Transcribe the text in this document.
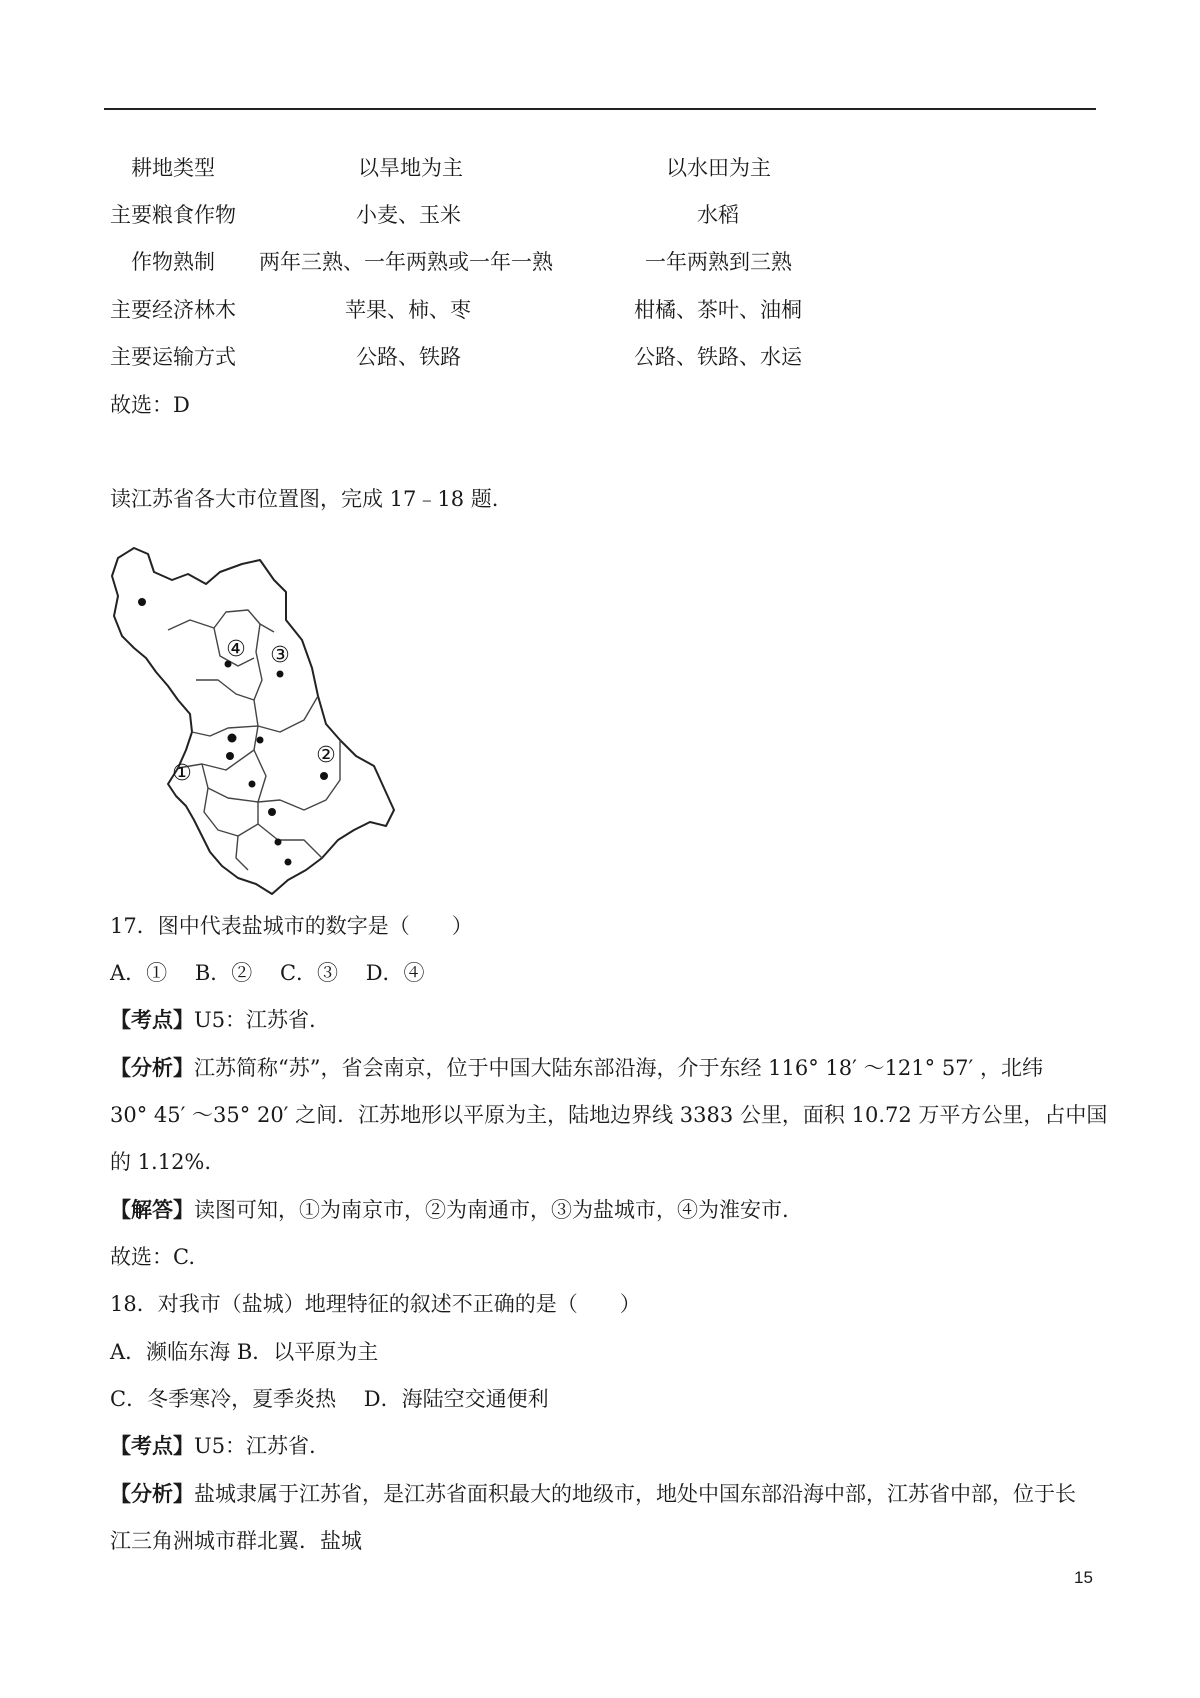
耕地类型	以旱地为主	以水田为主
主要粮食作物	小麦、玉米	水稻
作物熟制 两年三熟、一年两熟或一年一熟	一年两熟到三熟
主要经济林木	苹果、柿、枣	柑橘、茶叶、油桐
主要运输方式	公路、铁路	公路、铁路、水运
故选：D
读江苏省各大市位置图，完成 17﹣18 题.
④ ③
①
②
17．图中代表盐城市的数字是（　　）
A．①　 B．②　 C．③　 D．④
【考点】U5：江苏省.
【分析】江苏简称“苏”，省会南京，位于中国大陆东部沿海，介于东经 116° 18′ ～121° 57′ ，北纬
30° 45′ ～35° 20′ 之间．江苏地形以平原为主，陆地边界线 3383 公里，面积 10.72 万平方公里，占中国
的 1.12%.
【解答】读图可知，①为南京市，②为南通市，③为盐城市，④为淮安市.
故选：C.
18．对我市（盐城）地理特征的叙述不正确的是（　　）
A．濒临东海 B．以平原为主
C．冬季寒冷，夏季炎热　 D．海陆空交通便利
【考点】U5：江苏省.
【分析】盐城隶属于江苏省，是江苏省面积最大的地级市，地处中国东部沿海中部，江苏省中部，位于长
江三角洲城市群北翼．盐城
15
